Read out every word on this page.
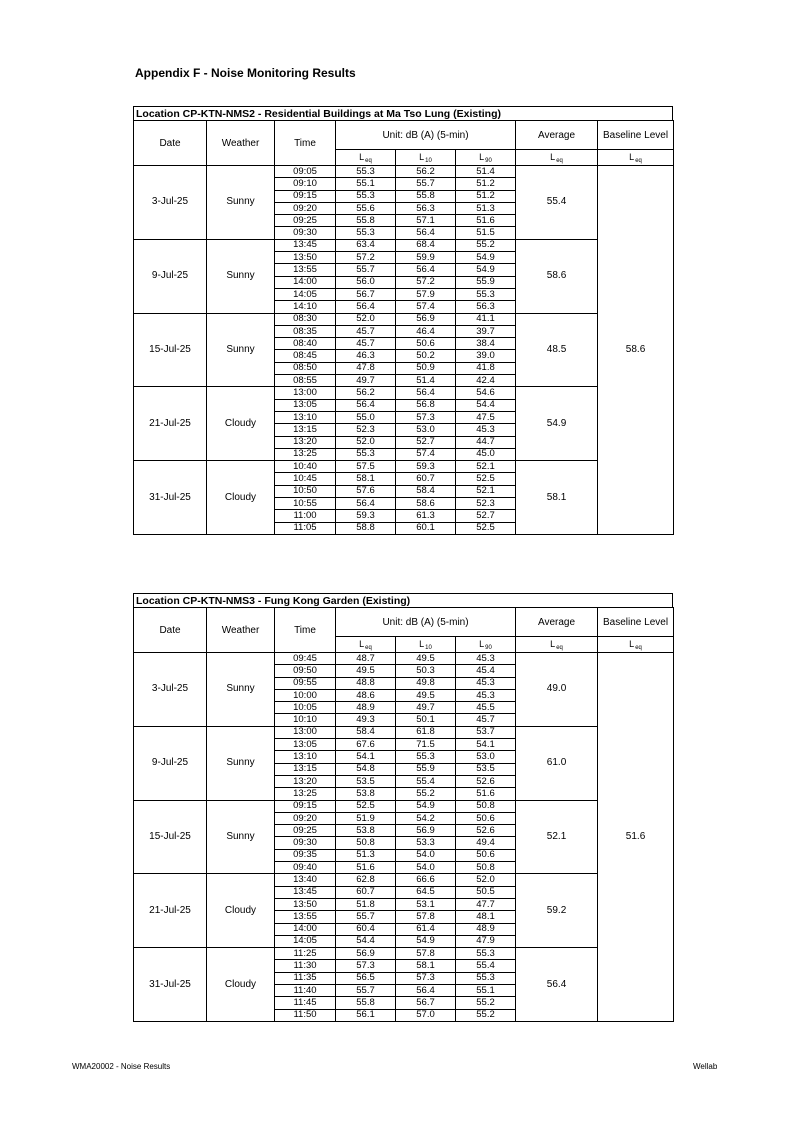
Appendix F - Noise Monitoring Results
Location CP-KTN-NMS2 - Residential Buildings at Ma Tso Lung (Existing)
Date	Weather	Time	Unit: dB (A) (5-min)			Average	Baseline Level
			$L_{eq}$	$L_{10}$	$L_{90}$	$L_{eq}$	$L_{eq}$
3-Jul-25	Sunny	09:05	55.3	56.2	51.4	55.4	58.6
		09:10	55.1	55.7	51.2		
		09:15	55.3	55.8	51.2		
		09:20	55.6	56.3	51.3		
		09:25	55.8	57.1	51.6		
		09:30	55.3	56.4	51.5		
9-Jul-25	Sunny	13:45	63.4	68.4	55.2	58.6	
		13:50	57.2	59.9	54.9		
		13:55	55.7	56.4	54.9		
		14:00	56.0	57.2	55.9		
		14:05	56.7	57.9	55.3		
		14:10	56.4	57.4	56.3		
15-Jul-25	Sunny	08:30	52.0	56.9	41.1	48.5	
		08:35	45.7	46.4	39.7		
		08:40	45.7	50.6	38.4		
		08:45	46.3	50.2	39.0		
		08:50	47.8	50.9	41.8		
		08:55	49.7	51.4	42.4		
21-Jul-25	Cloudy	13:00	56.2	56.4	54.6	54.9	
		13:05	56.4	56.8	54.4		
		13:10	55.0	57.3	47.5		
		13:15	52.3	53.0	45.3		
		13:20	52.0	52.7	44.7		
		13:25	55.3	57.4	45.0		
31-Jul-25	Cloudy	10:40	57.5	59.3	52.1	58.1	
		10:45	58.1	60.7	52.5		
		10:50	57.6	58.4	52.1		
		10:55	56.4	58.6	52.3		
		11:00	59.3	61.3	52.7		
		11:05	58.8	60.1	52.5		
Location CP-KTN-NMS3 - Fung Kong Garden (Existing)
Date	Weather	Time	Unit: dB (A) (5-min)			Average	Baseline Level
			$L_{eq}$	$L_{10}$	$L_{90}$	$L_{eq}$	$L_{eq}$
3-Jul-25	Sunny	09:45	48.7	49.5	45.3	49.0	51.6
		09:50	49.5	50.3	45.4		
		09:55	48.8	49.8	45.3		
		10:00	48.6	49.5	45.3		
		10:05	48.9	49.7	45.5		
		10:10	49.3	50.1	45.7		
9-Jul-25	Sunny	13:00	58.4	61.8	53.7	61.0	
		13:05	67.6	71.5	54.1		
		13:10	54.1	55.3	53.0		
		13:15	54.8	55.9	53.5		
		13:20	53.5	55.4	52.6		
		13:25	53.8	55.2	51.6		
15-Jul-25	Sunny	09:15	52.5	54.9	50.8	52.1	
		09:20	51.9	54.2	50.6		
		09:25	53.8	56.9	52.6		
		09:30	50.8	53.3	49.4		
		09:35	51.3	54.0	50.6		
		09:40	51.6	54.0	50.8		
21-Jul-25	Cloudy	13:40	62.8	66.6	52.0	59.2	
		13:45	60.7	64.5	50.5		
		13:50	51.8	53.1	47.7		
		13:55	55.7	57.8	48.1		
		14:00	60.4	61.4	48.9		
		14:05	54.4	54.9	47.9		
31-Jul-25	Cloudy	11:25	56.9	57.8	55.3	56.4	
		11:30	57.3	58.1	55.4		
		11:35	56.5	57.3	55.3		
		11:40	55.7	56.4	55.1		
		11:45	55.8	56.7	55.2		
		11:50	56.1	57.0	55.2		
WMA20002 - Noise Results	Wellab
